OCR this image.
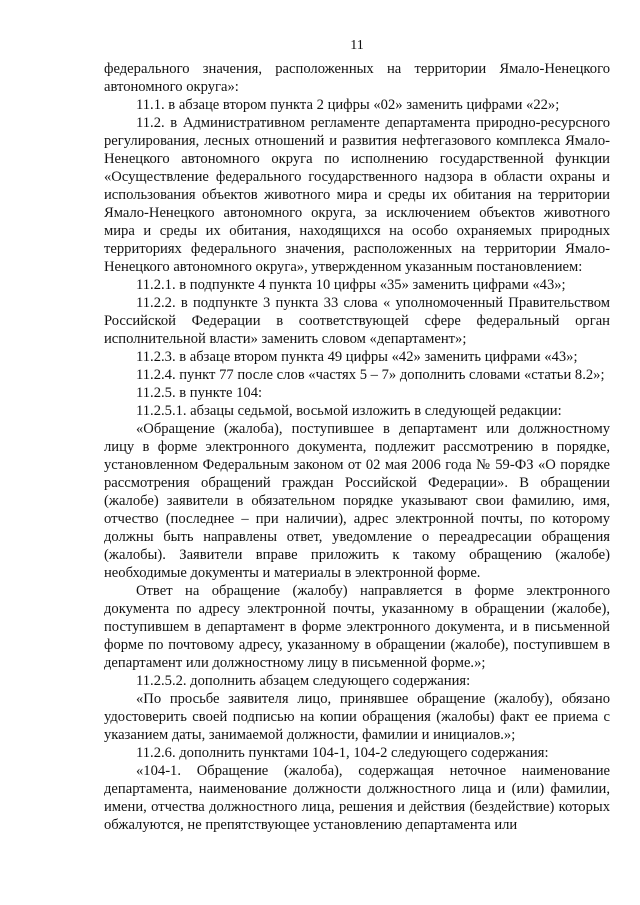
11

федерального значения, расположенных на территории Ямало-Ненецкого автономного округа»:

11.1. в абзаце втором пункта 2 цифры «02» заменить цифрами «22»;

11.2. в Административном регламенте департамента природно-ресурсного регулирования, лесных отношений и развития нефтегазового комплекса Ямало-Ненецкого автономного округа по исполнению государственной функции «Осуществление федерального государственного надзора в области охраны и использования объектов животного мира и среды их обитания на территории Ямало-Ненецкого автономного округа, за исключением объектов животного мира и среды их обитания, находящихся на особо охраняемых природных территориях федерального значения, расположенных на территории Ямало-Ненецкого автономного округа», утвержденном указанным постановлением:

11.2.1. в подпункте 4 пункта 10 цифры «35» заменить цифрами «43»;

11.2.2. в подпункте 3 пункта 33 слова « уполномоченный Правительством Российской Федерации в соответствующей сфере федеральный орган исполнительной власти» заменить словом «департамент»;

11.2.3. в абзаце втором пункта 49 цифры «42» заменить цифрами «43»;

11.2.4. пункт 77 после слов «частях 5 – 7» дополнить словами «статьи 8.2»;

11.2.5. в пункте 104:

11.2.5.1. абзацы седьмой, восьмой изложить в следующей редакции:

«Обращение (жалоба), поступившее в департамент или должностному лицу в форме электронного документа, подлежит рассмотрению в порядке, установленном Федеральным законом от 02 мая 2006 года № 59-ФЗ «О порядке рассмотрения обращений граждан Российской Федерации». В обращении (жалобе) заявители в обязательном порядке указывают свои фамилию, имя, отчество (последнее – при наличии), адрес электронной почты, по которому должны быть направлены ответ, уведомление о переадресации обращения (жалобы). Заявители вправе приложить к такому обращению (жалобе) необходимые документы и материалы в электронной форме.

Ответ на обращение (жалобу) направляется в форме электронного документа по адресу электронной почты, указанному в обращении (жалобе), поступившем в департамент в форме электронного документа, и в письменной форме по почтовому адресу, указанному в обращении (жалобе), поступившем в департамент или должностному лицу в письменной форме.»;

11.2.5.2. дополнить абзацем следующего содержания:

«По просьбе заявителя лицо, принявшее обращение (жалобу), обязано удостоверить своей подписью на копии обращения (жалобы) факт ее приема с указанием даты, занимаемой должности, фамилии и инициалов.»;

11.2.6. дополнить пунктами 104-1, 104-2 следующего содержания:

«104-1. Обращение (жалоба), содержащая неточное наименование департамента, наименование должности должностного лица и (или) фамилии, имени, отчества должностного лица, решения и действия (бездействие) которых обжалуются, не препятствующее установлению департамента или
